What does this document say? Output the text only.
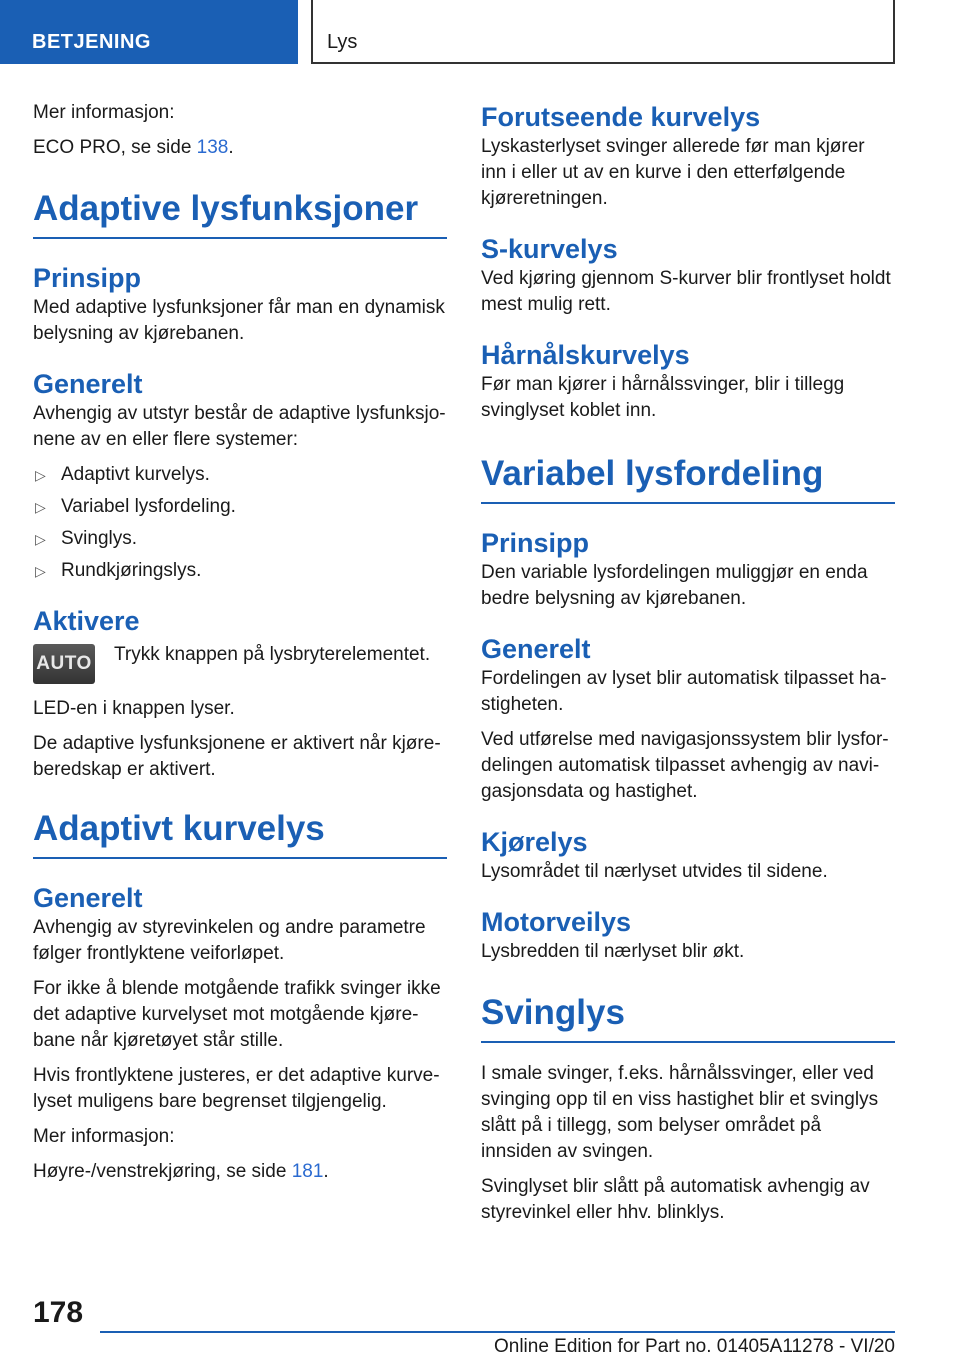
BETJENING	Lys

Mer informasjon:

ECO PRO, se side 138.

Adaptive lysfunksjoner
Prinsipp

Med adaptive lysfunksjoner får man en dynamisk belysning av kjørebanen.

Generelt

Avhengig av utstyr består de adaptive lysfunksjonene av en eller flere systemer:

▷ Adaptivt kurvelys.
▷ Variabel lysfordeling.
▷ Svinglys.
▷ Rundkjøringslys.
Aktivere
AUTO	Trykk knappen på lysbryterelementet.

LED-en i knappen lyser.

De adaptive lysfunksjonene er aktivert når kjøreberedskap er aktivert.

Adaptivt kurvelys
Generelt

Avhengig av styrevinkelen og andre parametre følger frontlyktene veiforløpet.

For ikke å blende motgående trafikk svinger ikke det adaptive kurvelyset mot motgående kjørebane når kjøretøyet står stille.

Hvis frontlyktene justeres, er det adaptive kurvelyset muligens bare begrenset tilgjengelig.

Mer informasjon:

Høyre-/venstrekjøring, se side 181.

Forutseende kurvelys

Lyskasterlyset svinger allerede før man kjører inn i eller ut av en kurve i den etterfølgende kjøreretningen.

S-kurvelys

Ved kjøring gjennom S-kurver blir frontlyset holdt mest mulig rett.

Hårnålskurvelys

Før man kjører i hårnålssvinger, blir i tillegg svinglyset koblet inn.

Variabel lysfordeling
Prinsipp

Den variable lysfordelingen muliggjør en enda bedre belysning av kjørebanen.

Generelt

Fordelingen av lyset blir automatisk tilpasset hastigheten.

Ved utførelse med navigasjonssystem blir lysfordelingen automatisk tilpasset avhengig av navigasjonsdata og hastighet.

Kjørelys

Lysområdet til nærlyset utvides til sidene.

Motorveilys

Lysbredden til nærlyset blir økt.

Svinglys

I smale svinger, f.eks. hårnålssvinger, eller ved svinging opp til en viss hastighet blir et svinglys slått på i tillegg, som belyser området på innsiden av svingen.

Svinglyset blir slått på automatisk avhengig av styrevinkel eller hhv. blinklys.

178
Online Edition for Part no. 01405A11278 - VI/20
